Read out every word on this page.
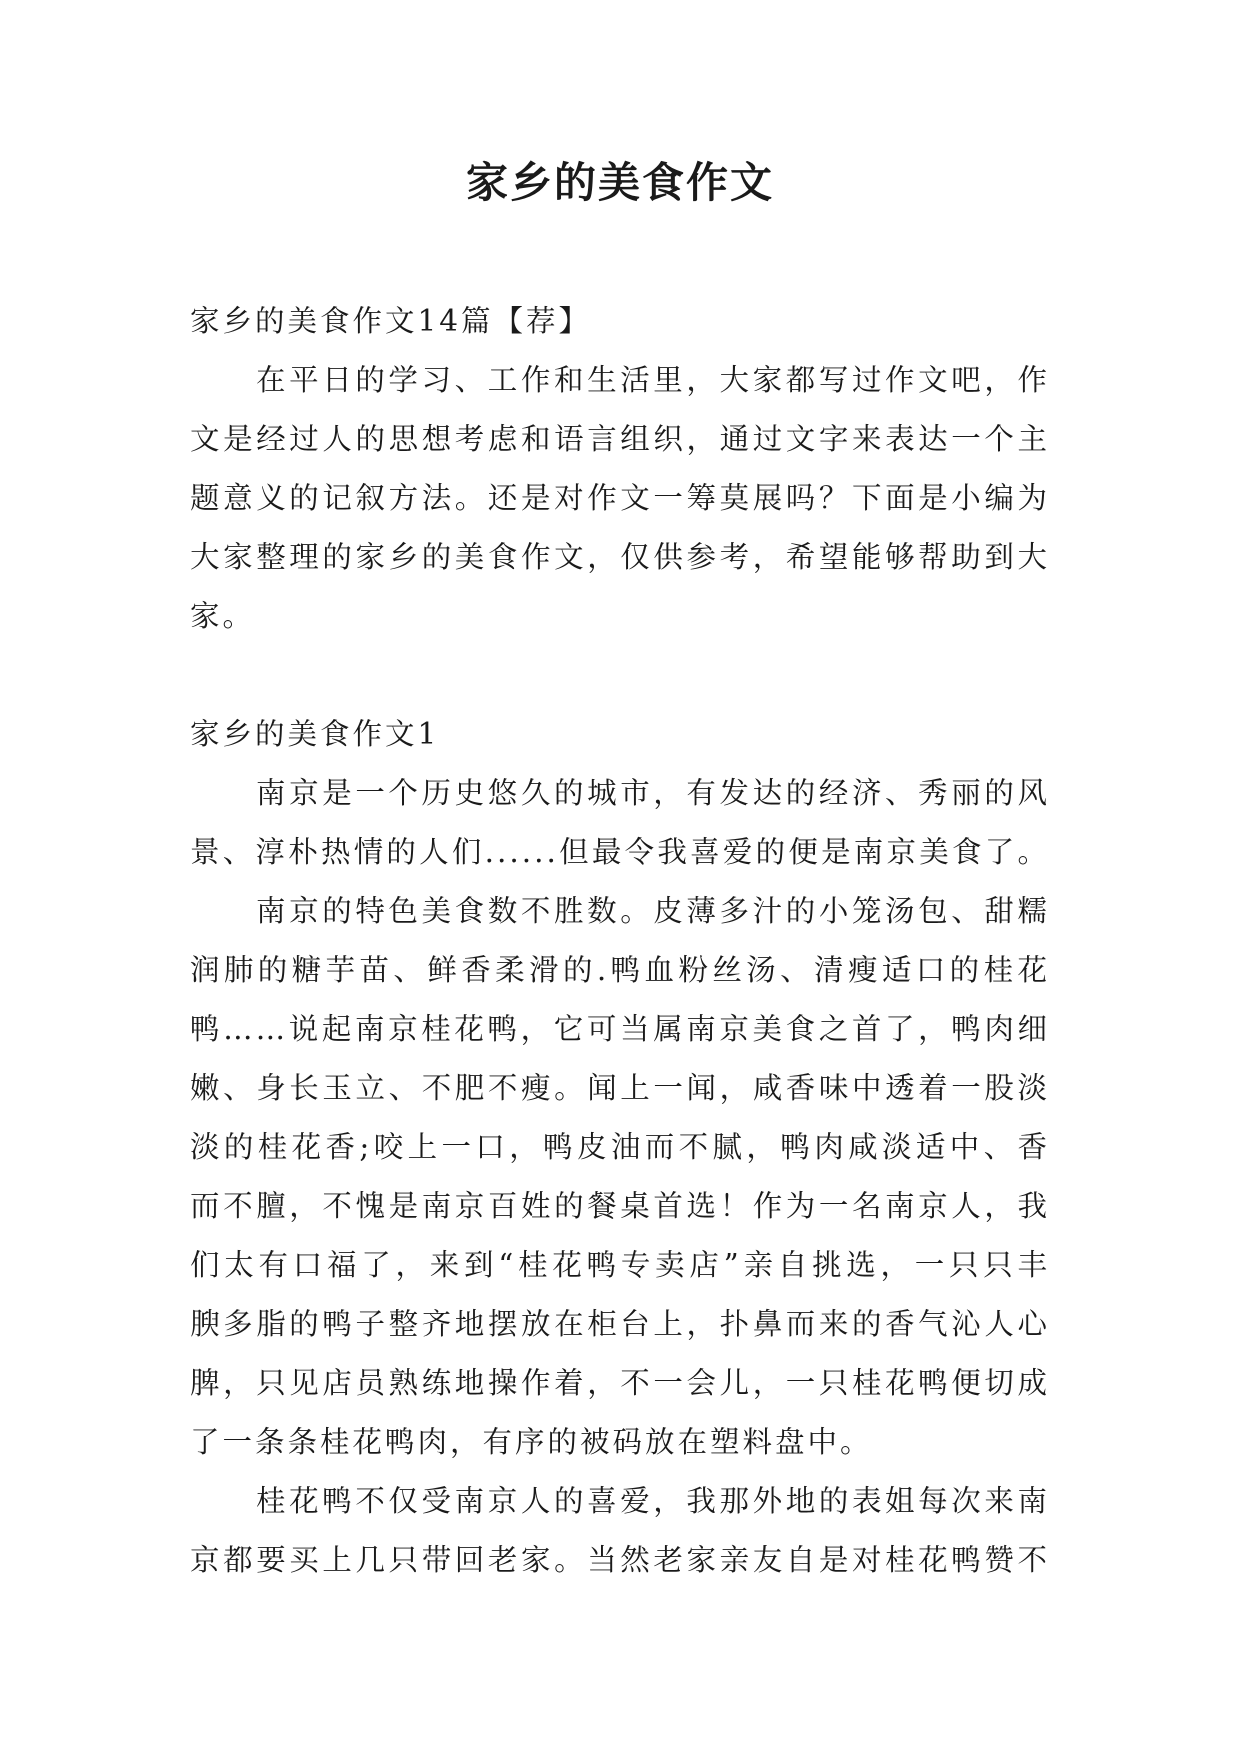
家乡的美食作文

家乡的美食作文14篇【荐】

在平日的学习、工作和生活里，大家都写过作文吧，作

文是经过人的思想考虑和语言组织，通过文字来表达一个主

题意义的记叙方法。还是对作文一筹莫展吗？下面是小编为

大家整理的家乡的美食作文，仅供参考，希望能够帮助到大

家。

家乡的美食作文1

南京是一个历史悠久的城市，有发达的经济、秀丽的风

景、淳朴热情的人们......但最令我喜爱的便是南京美食了。

南京的特色美食数不胜数。皮薄多汁的小笼汤包、甜糯

润肺的糖芋苗、鲜香柔滑的.鸭血粉丝汤、清瘦适口的桂花

鸭……说起南京桂花鸭，它可当属南京美食之首了，鸭肉细

嫩、身长玉立、不肥不瘦。闻上一闻，咸香味中透着一股淡

淡的桂花香;咬上一口，鸭皮油而不腻，鸭肉咸淡适中、香

而不膻，不愧是南京百姓的餐桌首选！作为一名南京人，我

们太有口福了，来到“桂花鸭专卖店”亲自挑选，一只只丰

腴多脂的鸭子整齐地摆放在柜台上，扑鼻而来的香气沁人心

脾，只见店员熟练地操作着，不一会儿，一只桂花鸭便切成

了一条条桂花鸭肉，有序的被码放在塑料盘中。

桂花鸭不仅受南京人的喜爱，我那外地的表姐每次来南

京都要买上几只带回老家。当然老家亲友自是对桂花鸭赞不
